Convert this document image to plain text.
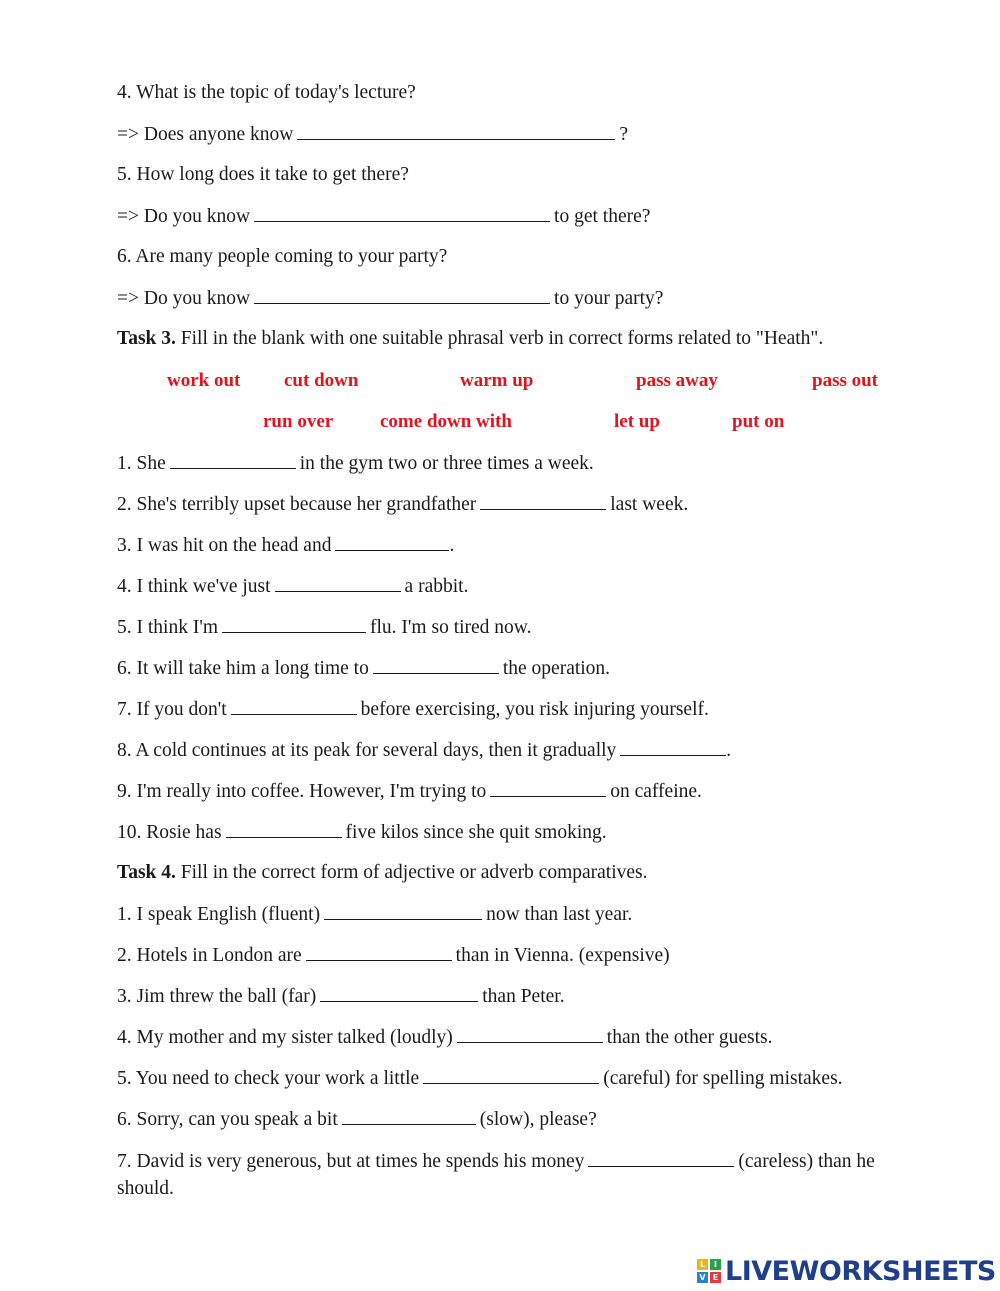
4. What is the topic of today's lecture?
=> Does anyone know	?
5. How long does it take to get there?
=> Do you know	to get there?
6. Are many people coming to your party?
=> Do you know	to your party?
Task 3. Fill in the blank with one suitable phrasal verb in correct forms related to "Heath".
work out cut down	warm up	pass away	pass out
run over come down with	let up	put on
1. She	in the gym two or three times a week.
2. She's terribly upset because her grandfather	last week.
3. I was hit on the head and	.
4. I think we've just	a rabbit.
5. I think I'm	flu. I'm so tired now.
6. It will take him a long time to	the operation.
7. If you don't	before exercising, you risk injuring yourself.
8. A cold continues at its peak for several days, then it gradually	.
9. I'm really into coffee. However, I'm trying to	on caffeine.
10. Rosie has	five kilos since she quit smoking.
Task 4. Fill in the correct form of adjective or adverb comparatives.
1. I speak English (fluent)	now than last year.
2. Hotels in London are	than in Vienna. (expensive)
3. Jim threw the ball (far)	than Peter.
4. My mother and my sister talked (loudly)	than the other guests.
5. You need to check your work a little	(careful) for spelling mistakes.
6. Sorry, can you speak a bit	(slow), please?
7. David is very generous, but at times he spends his money	(careless) than he
should.
L	I
V E LIVEWORKSHEETS
